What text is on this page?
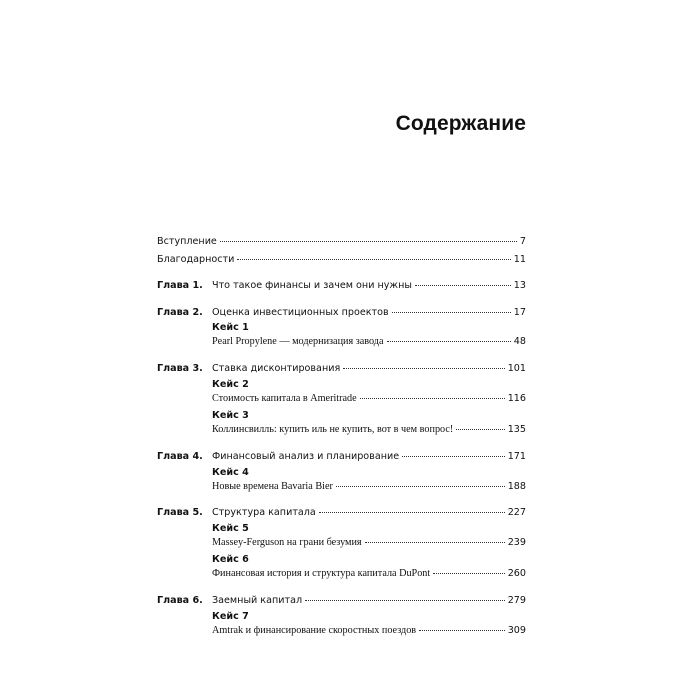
Содержание
Вступление	7
Благодарности	11
Глава 1. Что такое финансы и зачем они нужны	13
Глава 2. Оценка инвестиционных проектов	17
Кейс 1
Pearl Propylene — модернизация завода	48
Глава 3. Ставка дисконтирования	101
Кейс 2
Стоимость капитала в Ameritrade	116
Кейс 3
Коллинсвилль: купить иль не купить, вот в чем вопрос!	135
Глава 4. Финансовый анализ и планирование	171
Кейс 4
Новые времена Bavaria Bier	188
Глава 5. Структура капитала	227
Кейс 5
Massey-Ferguson на грани безумия	239
Кейс 6
Финансовая история и структура капитала DuPont	260
Глава 6. Заемный капитал	279
Кейс 7
Amtrak и финансирование скоростных поездов	309
